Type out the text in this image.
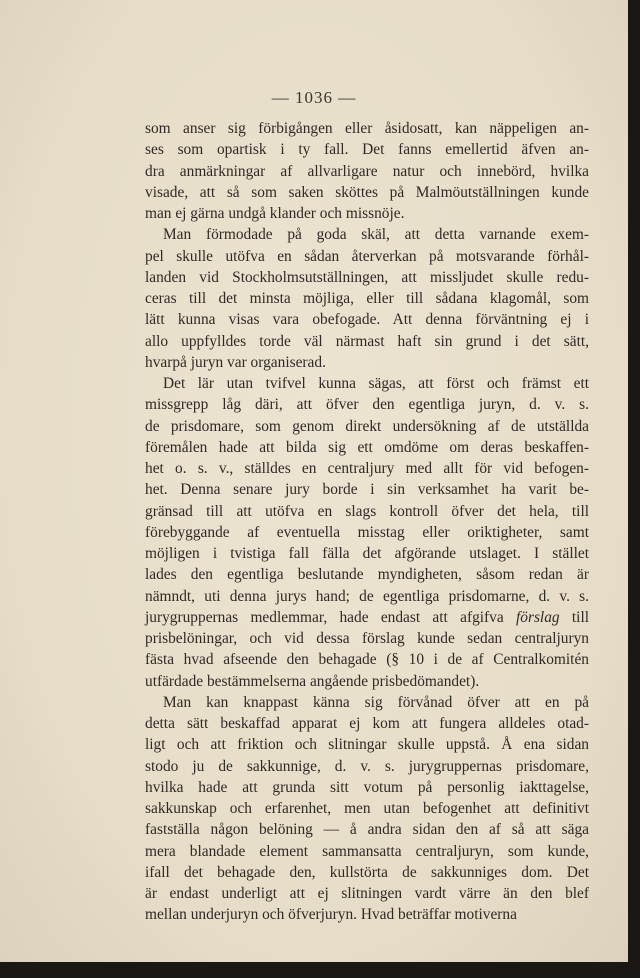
— 1036 —
som anser sig förbigången eller åsidosatt, kan näppeligen an-
ses som opartisk i ty fall. Det fanns emellertid äfven an-
dra anmärkningar af allvarligare natur och innebörd, hvilka
visade, att så som saken sköttes på Malmöutställningen kunde
man ej gärna undgå klander och missnöje.
Man förmodade på goda skäl, att detta varnande exem-
pel skulle utöfva en sådan återverkan på motsvarande förhål-
landen vid Stockholmsutställningen, att missljudet skulle redu-
ceras till det minsta möjliga, eller till sådana klagomål, som
lätt kunna visas vara obefogade. Att denna förväntning ej i
allo uppfylldes torde väl närmast haft sin grund i det sätt,
hvarpå juryn var organiserad.
Det lär utan tvifvel kunna sägas, att först och främst ett
missgrepp låg däri, att öfver den egentliga juryn, d. v. s.
de prisdomare, som genom direkt undersökning af de utställda
föremålen hade att bilda sig ett omdöme om deras beskaffen-
het o. s. v., ställdes en centraljury med allt för vid befogen-
het. Denna senare jury borde i sin verksamhet ha varit be-
gränsad till att utöfva en slags kontroll öfver det hela, till
förebyggande af eventuella misstag eller oriktigheter, samt
möjligen i tvistiga fall fälla det afgörande utslaget. I stället
lades den egentliga beslutande myndigheten, såsom redan är
nämndt, uti denna jurys hand; de egentliga prisdomarne, d. v. s.
jurygruppernas medlemmar, hade endast att afgifva förslag till
prisbelöningar, och vid dessa förslag kunde sedan centraljuryn
fästa hvad afseende den behagade (§ 10 i de af Centralkomitén
utfärdade bestämmelserna angående prisbedömandet).
Man kan knappast känna sig förvånad öfver att en på
detta sätt beskaffad apparat ej kom att fungera alldeles otad-
ligt och att friktion och slitningar skulle uppstå. Å ena sidan
stodo ju de sakkunnige, d. v. s. jurygruppernas prisdomare,
hvilka hade att grunda sitt votum på personlig iakttagelse,
sakkunskap och erfarenhet, men utan befogenhet att definitivt
fastställa någon belöning — å andra sidan den af så att säga
mera blandade element sammansatta centraljuryn, som kunde,
ifall det behagade den, kullstörta de sakkunniges dom. Det
är endast underligt att ej slitningen vardt värre än den blef
mellan underjuryn och öfverjuryn. Hvad beträffar motiverna
